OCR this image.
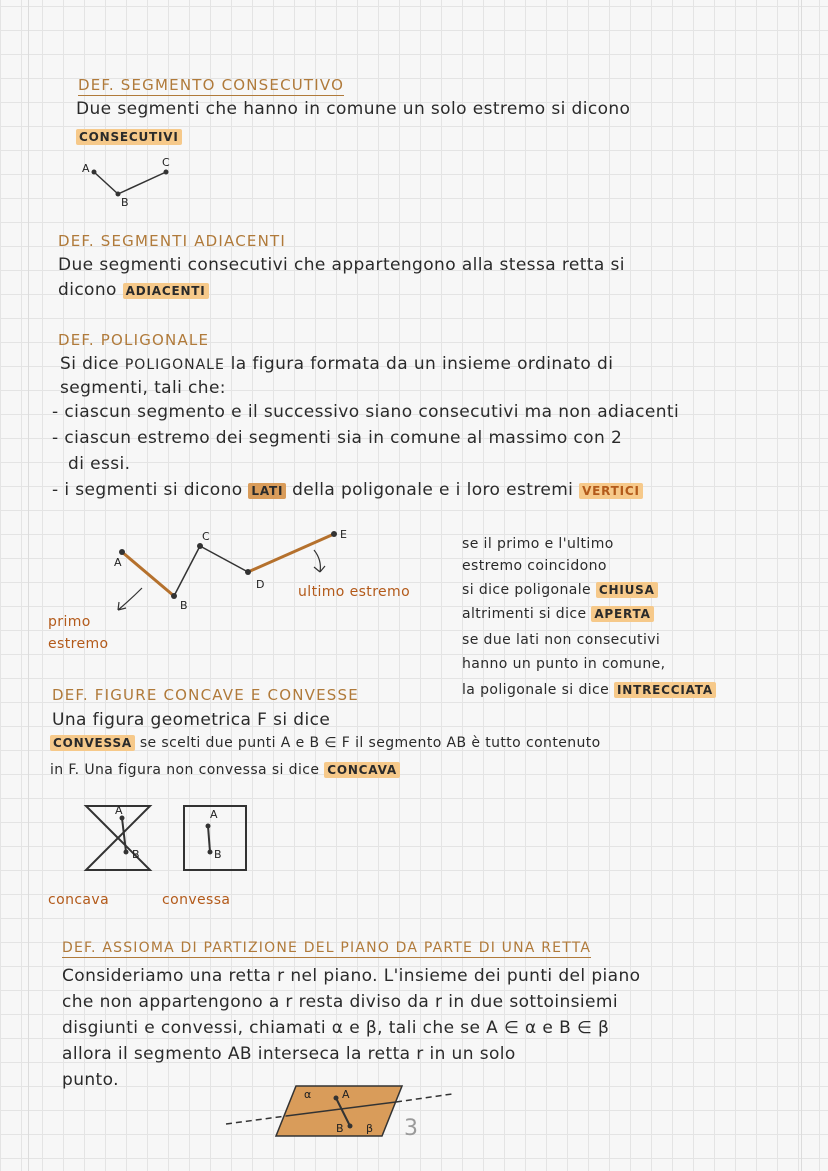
DEF. SEGMENTO CONSECUTIVO
Due segmenti che hanno in comune un solo estremo si dicono
CONSECUTIVI
A
B
C
DEF. SEGMENTI ADIACENTI
Due segmenti consecutivi che appartengono alla stessa retta si
dicono ADIACENTI
DEF. POLIGONALE
Si dice POLIGONALE la figura formata da un insieme ordinato di
segmenti, tali che:
- ciascun segmento e il successivo siano consecutivi ma non adiacenti
- ciascun estremo dei segmenti sia in comune al massimo con 2
di essi.
- i segmenti si dicono LATI della poligonale e i loro estremi VERTICI
A
B
C
D
E
primo
estremo
ultimo estremo
se il primo e l'ultimo
estremo coincidono
si dice poligonale CHIUSA
altrimenti si dice APERTA
se due lati non consecutivi
hanno un punto in comune,
la poligonale si dice INTRECCIATA
DEF. FIGURE CONCAVE E CONVESSE
Una figura geometrica F si dice
CONVESSA se scelti due punti A e B ∈ F il segmento AB è tutto contenuto
in F. Una figura non convessa si dice CONCAVA
A
B
A
B
concava	convessa
DEF. ASSIOMA DI PARTIZIONE DEL PIANO DA PARTE DI UNA RETTA
Consideriamo una retta r nel piano. L'insieme dei punti del piano
che non appartengono a r resta diviso da r in due sottoinsiemi
disgiunti e convessi, chiamati α e β, tali che se A ∈ α e B ∈ β
allora il segmento AB interseca la retta r in un solo
punto.
α	A
B β 3
